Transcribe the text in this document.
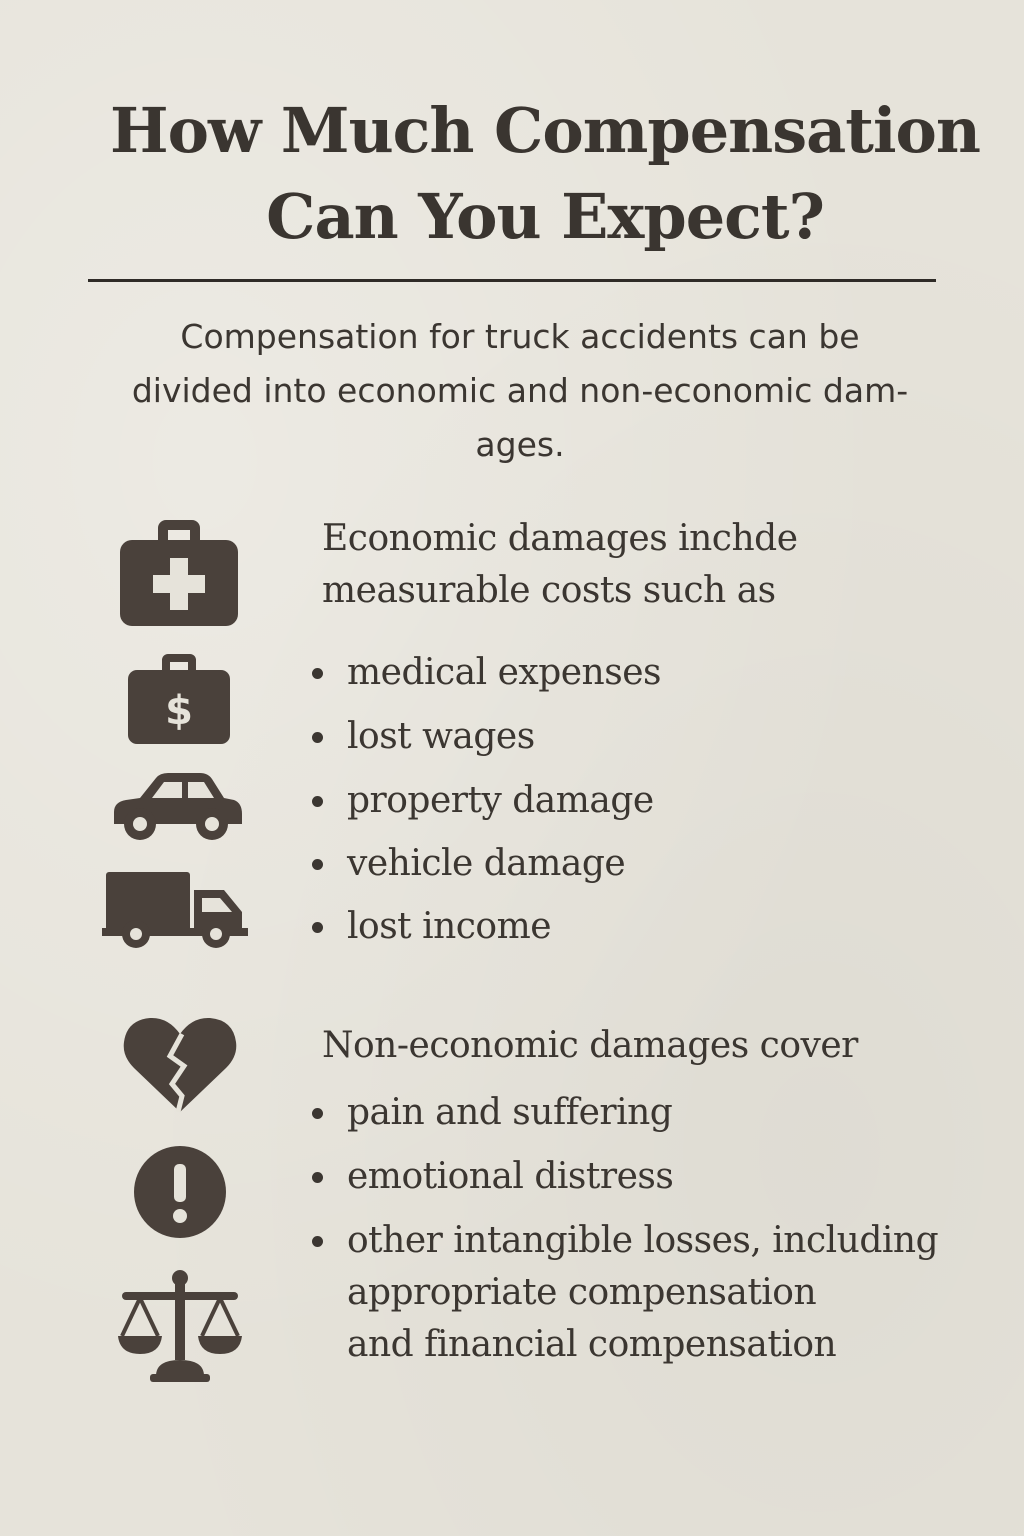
How Much Compensation
Can You Expect?
Compensation for truck accidents can be
divided into economic and non-economic dam-
ages.
$
Economic damages inchde
measurable costs such as
medical expenses
lost wages
property damage
vehicle damage
lost income
Non-economic damages cover
pain and suffering
emotional distress
other intangible losses, including
appropriate compensation
and financial compensation
